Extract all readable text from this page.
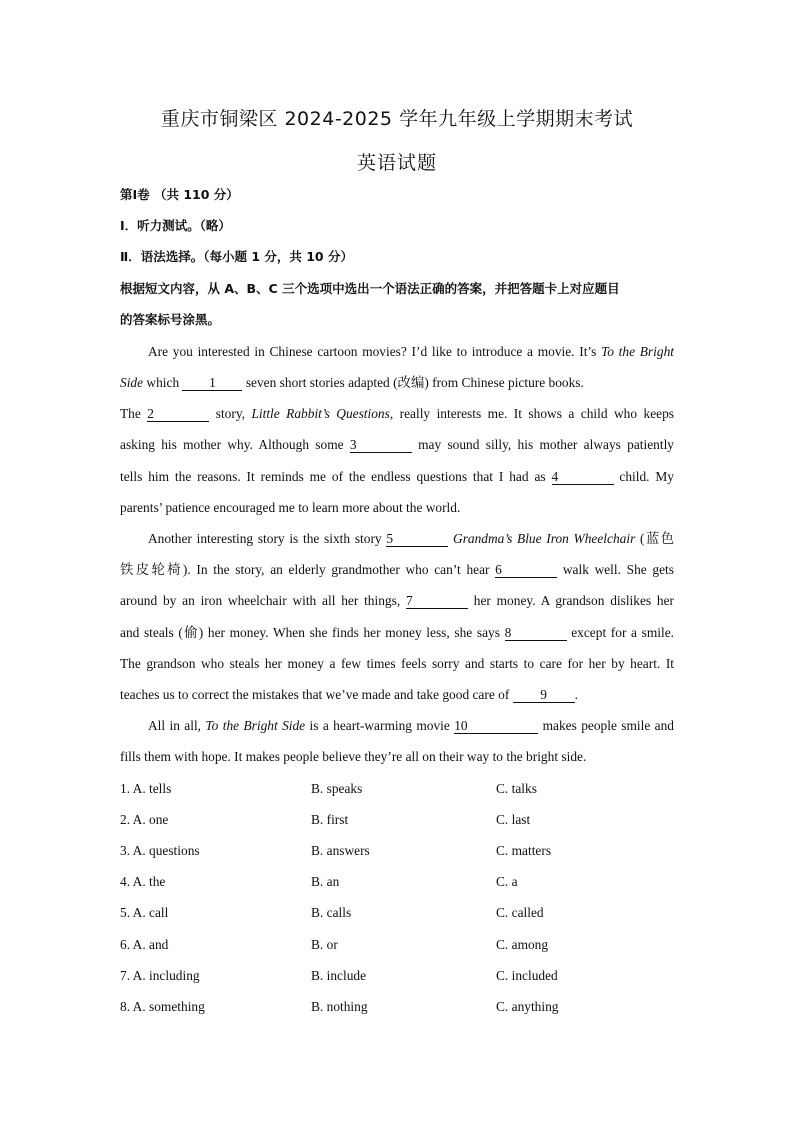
重庆市铜梁区 2024-2025 学年九年级上学期期末考试
英语试题
第Ⅰ卷 （共 110 分）
Ⅰ．听力测试。（略）
Ⅱ．语法选择。（每小题 1 分，共 10 分）
根据短文内容，从 A、B、C 三个选项中选出一个语法正确的答案，并把答题卡上对应题目
的答案标号涂黑。
Are you interested in Chinese cartoon movies? I’d like to introduce a movie. It’s To the Bright
Side which 1 seven short stories adapted (改编) from Chinese picture books.
The 2	story, Little Rabbit’s Questions, really interests me. It shows a child who keeps
asking his mother why. Although some 3	may sound silly, his mother always patiently
tells him the reasons. It reminds me of the endless questions that I had as 4	child. My
parents’ patience encouraged me to learn more about the world.
Another interesting story is the sixth story 5	Grandma’s Blue Iron Wheelchair (蓝色
铁皮轮椅). In the story, an elderly grandmother who can’t hear 6	walk well. She gets
around by an iron wheelchair with all her things, 7	her money. A grandson dislikes her
and steals (偷) her money. When she finds her money less, she says 8	except for a smile.
The grandson who steals her money a few times feels sorry and starts to care for her by heart. It
teaches us to correct the mistakes that we’ve made and take good care of 9 .
All in all, To the Bright Side is a heart-warming movie 10	makes people smile and
fills them with hope. It makes people believe they’re all on their way to the bright side.
1. A. tells	B. speaks	C. talks
2. A. one	B. first	C. last
3. A. questions	B. answers	C. matters
4. A. the	B. an	C. a
5. A. call	B. calls	C. called
6. A. and	B. or	C. among
7. A. including	B. include	C. included
8. A. something	B. nothing	C. anything
